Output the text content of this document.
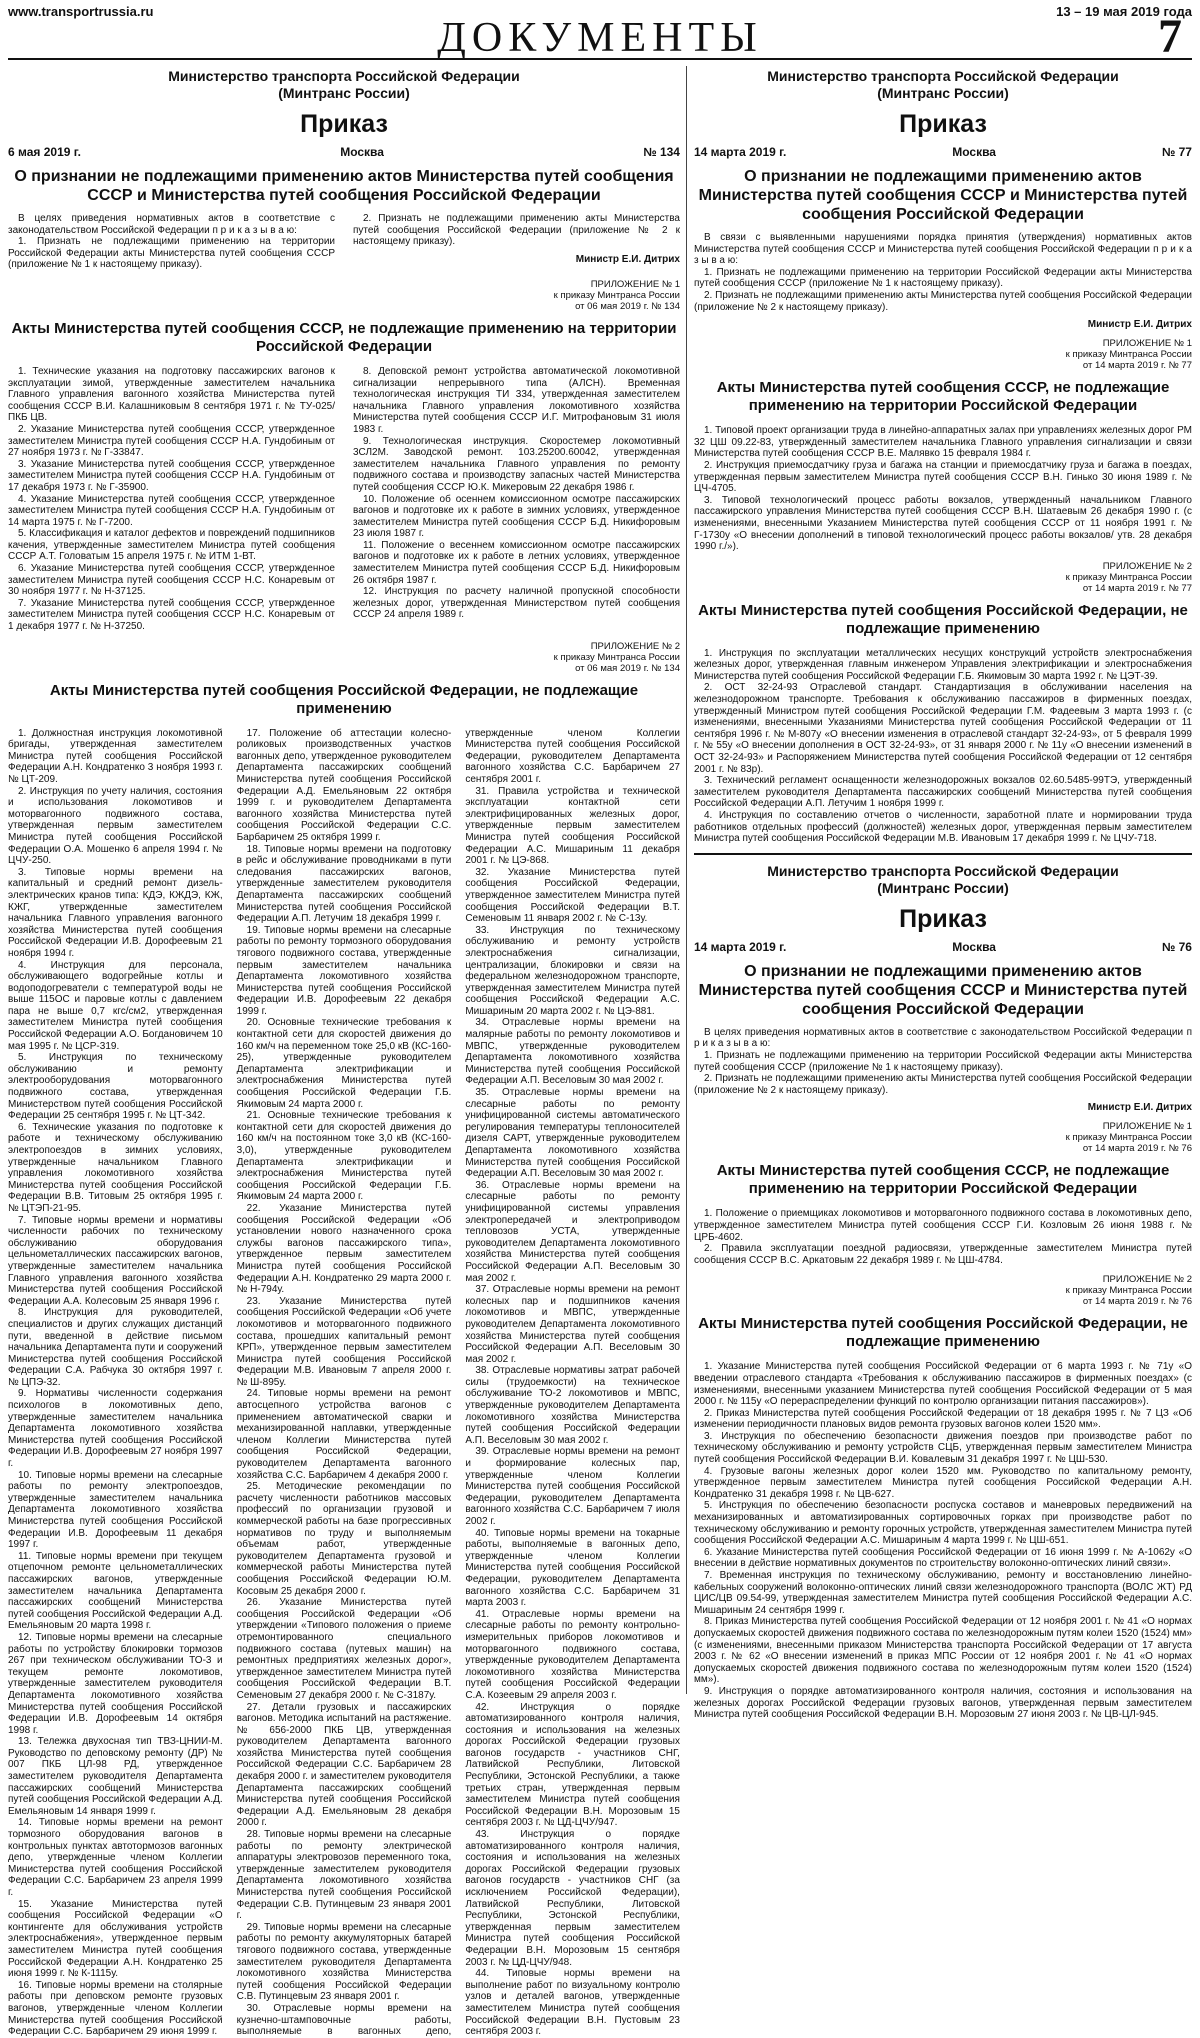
www.transportrussia.ru
ДОКУМЕНТЫ
13 – 19 мая 2019 года
7
Министерство транспорта Российской Федерации
(Минтранс России)
Приказ
6 мая 2019 г.	Москва	№ 134
О признании не подлежащими применению актов Министерства путей сообщения СССР и Министерства путей сообщения Российской Федерации

В целях приведения нормативных актов в соответствие с законодательством Российской Федерации п р и к а з ы в а ю:

1. Признать не подлежащими применению на территории Российской Федерации акты Министерства путей сообщения СССР (приложение № 1 к настоящему приказу).

2. Признать не подлежащими применению акты Министерства путей сообщения Российской Федерации (приложение № 2 к настоящему приказу).

Министр Е.И. Дитрих
ПРИЛОЖЕНИЕ № 1
к приказу Минтранса России
от 06 мая 2019 г. № 134
Акты Министерства путей сообщения СССР, не подлежащие применению на территории Российской Федерации

1. Технические указания на подготовку пассажирских вагонов к эксплуатации зимой, утвержденные заместителем начальника Главного управления вагонного хозяйства Министерства путей сообщения СССР В.И. Калашниковым 8 сентября 1971 г. № ТУ-025/ПКБ ЦВ.

2. Указание Министерства путей сообщения СССР, утвержденное заместителем Министра путей сообщения СССР Н.А. Гундобиным от 27 ноября 1973 г. № Г-33847.

3. Указание Министерства путей сообщения СССР, утвержденное заместителем Министра путей сообщения СССР Н.А. Гундобиным от 17 декабря 1973 г. № Г-35900.

4. Указание Министерства путей сообщения СССР, утвержденное заместителем Министра путей сообщения СССР Н.А. Гундобиным от 14 марта 1975 г. № Г-7200.

5. Классификация и каталог дефектов и повреждений подшипников качения, утвержденные заместителем Министра путей сообщения СССР А.Т. Головатым 15 апреля 1975 г. № ИТМ 1-ВТ.

6. Указание Министерства путей сообщения СССР, утвержденное заместителем Министра путей сообщения СССР Н.С. Конаревым от 30 ноября 1977 г. № Н-37125.

7. Указание Министерства путей сообщения СССР, утвержденное заместителем Министра путей сообщения СССР Н.С. Конаревым от 1 декабря 1977 г. № Н-37250.

8. Деповской ремонт устройства автоматической локомотивной сигнализации непрерывного типа (АЛСН). Временная технологическая инструкция ТИ 334, утвержденная заместителем начальника Главного управления локомотивного хозяйства Министерства путей сообщения СССР И.Г. Митрофановым 31 июля 1983 г.

9. Технологическая инструкция. Скоростемер локомотивный 3СЛ2М. Заводской ремонт. 103.25200.60042, утвержденная заместителем начальника Главного управления по ремонту подвижного состава и производству запасных частей Министерства путей сообщения СССР Ю.К. Микеровым 22 декабря 1986 г.

10. Положение об осеннем комиссионном осмотре пассажирских вагонов и подготовке их к работе в зимних условиях, утвержденное заместителем Министра путей сообщения СССР Б.Д. Никифоровым 23 июля 1987 г.

11. Положение о весеннем комиссионном осмотре пассажирских вагонов и подготовке их к работе в летних условиях, утвержденное заместителем Министра путей сообщения СССР Б.Д. Никифоровым 26 октября 1987 г.

12. Инструкция по расчету наличной пропускной способности железных дорог, утвержденная Министерством путей сообщения СССР 24 апреля 1989 г.

ПРИЛОЖЕНИЕ № 2
к приказу Минтранса России
от 06 мая 2019 г. № 134
Акты Министерства путей сообщения Российской Федерации, не подлежащие применению

1. Должностная инструкция локомотивной бригады, утвержденная заместителем Министра путей сообщения Российской Федерации А.Н. Кондратенко 3 ноября 1993 г. № ЦТ-209.

2. Инструкция по учету наличия, состояния и использования локомотивов и моторвагонного подвижного состава, утвержденная первым заместителем Министра путей сообщения Российской Федерации О.А. Мошенко 6 апреля 1994 г. № ЦЧУ-250.

3. Типовые нормы времени на капитальный и средний ремонт дизель-электрических кранов типа: КДЭ, КЖДЭ, КЖ, КЖГ, утвержденные заместителем начальника Главного управления вагонного хозяйства Министерства путей сообщения Российской Федерации И.В. Дорофеевым 21 ноября 1994 г.

4. Инструкция для персонала, обслуживающего водогрейные котлы и водоподогреватели с температурой воды не выше 115ОС и паровые котлы с давлением пара не выше 0,7 кгс/см2, утвержденная заместителем Министра путей сообщения Российской Федерации А.О. Богдановичем 10 мая 1995 г. № ЦСР-319.

5. Инструкция по техническому обслуживанию и ремонту электрооборудования моторвагонного подвижного состава, утвержденная Министерством путей сообщения Российской Федерации 25 сентября 1995 г. № ЦТ-342.

6. Технические указания по подготовке к работе и техническому обслуживанию электропоездов в зимних условиях, утвержденные начальником Главного управления локомотивного хозяйства Министерства путей сообщения Российской Федерации В.В. Титовым 25 октября 1995 г. № ЦТЭП-21-95.

7. Типовые нормы времени и нормативы численности рабочих по техническому обслуживанию оборудования цельнометаллических пассажирских вагонов, утвержденные заместителем начальника Главного управления вагонного хозяйства Министерства путей сообщения Российской Федерации А.А. Колесовым 25 января 1996 г.

8. Инструкция для руководителей, специалистов и других служащих дистанций пути, введенной в действие письмом начальника Департамента пути и сооружений Министерства путей сообщения Российской Федерации С.А. Рабчука 30 октября 1997 г. № ЦПЭ-32.

9. Нормативы численности содержания психологов в локомотивных депо, утвержденные заместителем начальника Департамента локомотивного хозяйства Министерства путей сообщения Российской Федерации И.В. Дорофеевым 27 ноября 1997 г.

10. Типовые нормы времени на слесарные работы по ремонту электропоездов, утвержденные заместителем начальника Департамента локомотивного хозяйства Министерства путей сообщения Российской Федерации И.В. Дорофеевым 11 декабря 1997 г.

11. Типовые нормы времени при текущем отцепочном ремонте цельнометаллических пассажирских вагонов, утвержденные заместителем начальника Департамента пассажирских сообщений Министерства путей сообщения Российской Федерации А.Д. Емельяновым 20 марта 1998 г.

12. Типовые нормы времени на слесарные работы по устройству блокировки тормозов 267 при техническом обслуживании ТО-3 и текущем ремонте локомотивов, утвержденные заместителем руководителя Департамента локомотивного хозяйства Министерства путей сообщения Российской Федерации И.В. Дорофеевым 14 октября 1998 г.

13. Тележка двухосная тип ТВЗ-ЦНИИ-М. Руководство по деповскому ремонту (ДР) № 007 ПКБ ЦЛ-98 РД, утвержденное заместителем руководителя Департамента пассажирских сообщений Министерства путей сообщения Российской Федерации А.Д. Емельяновым 14 января 1999 г.

14. Типовые нормы времени на ремонт тормозного оборудования вагонов в контрольных пунктах автотормозов вагонных депо, утвержденные членом Коллегии Министерства путей сообщения Российской Федерации С.С. Барбаричем 23 апреля 1999 г.

15. Указание Министерства путей сообщения Российской Федерации «О контингенте для обслуживания устройств электроснабжения», утвержденное первым заместителем Министра путей сообщения Российской Федерации А.Н. Кондратенко 25 июня 1999 г. № К-1115у.

16. Типовые нормы времени на столярные работы при деповском ремонте грузовых вагонов, утвержденные членом Коллегии Министерства путей сообщения Российской Федерации С.С. Барбаричем 29 июня 1999 г.

17. Положение об аттестации колесно-роликовых производственных участков вагонных депо, утвержденное руководителем Департамента пассажирских сообщений Министерства путей сообщения Российской Федерации А.Д. Емельяновым 22 октября 1999 г. и руководителем Департамента вагонного хозяйства Министерства путей сообщения Российской Федерации С.С. Барбаричем 25 октября 1999 г.

18. Типовые нормы времени на подготовку в рейс и обслуживание проводниками в пути следования пассажирских вагонов, утвержденные заместителем руководителя Департамента пассажирских сообщений Министерства путей сообщения Российской Федерации А.П. Летучим 18 декабря 1999 г.

19. Типовые нормы времени на слесарные работы по ремонту тормозного оборудования тягового подвижного состава, утвержденные первым заместителем начальника Департамента локомотивного хозяйства Министерства путей сообщения Российской Федерации И.В. Дорофеевым 22 декабря 1999 г.

20. Основные технические требования к контактной сети для скоростей движения до 160 км/ч на переменном токе 25,0 кВ (КС-160-25), утвержденные руководителем Департамента электрификации и электроснабжения Министерства путей сообщения Российской Федерации Г.Б. Якимовым 24 марта 2000 г.

21. Основные технические требования к контактной сети для скоростей движения до 160 км/ч на постоянном токе 3,0 кВ (КС-160-3,0), утвержденные руководителем Департамента электрификации и электроснабжения Министерства путей сообщения Российской Федерации Г.Б. Якимовым 24 марта 2000 г.

22. Указание Министерства путей сообщения Российской Федерации «Об установлении нового назначенного срока службы вагонов пассажирского типа», утвержденное первым заместителем Министра путей сообщения Российской Федерации А.Н. Кондратенко 29 марта 2000 г. № Н-794у.

23. Указание Министерства путей сообщения Российской Федерации «Об учете локомотивов и моторвагонного подвижного состава, прошедших капитальный ремонт КРП», утвержденное первым заместителем Министра путей сообщения Российской Федерации М.В. Ивановым 7 апреля 2000 г. № Ш-895у.

24. Типовые нормы времени на ремонт автосцепного устройства вагонов с применением автоматической сварки и механизированной наплавки, утвержденные членом Коллегии Министерства путей сообщения Российской Федерации, руководителем Департамента вагонного хозяйства С.С. Барбаричем 4 декабря 2000 г.

25. Методические рекомендации по расчету численности работников массовых профессий по организации грузовой и коммерческой работы на базе прогрессивных нормативов по труду и выполняемым объемам работ, утвержденные руководителем Департамента грузовой и коммерческой работы Министерства путей сообщения Российской Федерации Ю.М. Косовым 25 декабря 2000 г.

26. Указание Министерства путей сообщения Российской Федерации «Об утверждении «Типового положения о приеме отремонтированного специального подвижного состава (путевых машин) на ремонтных предприятиях железных дорог», утвержденное заместителем Министра путей сообщения Российской Федерации В.Т. Семеновым 27 декабря 2000 г. № С-3187у.

27. Детали грузовых и пассажирских вагонов. Методика испытаний на растяжение. № 656-2000 ПКБ ЦВ, утвержденная руководителем Департамента вагонного хозяйства Министерства путей сообщения Российской Федерации С.С. Барбаричем 28 декабря 2000 г. и заместителем руководителя Департамента пассажирских сообщений Министерства путей сообщения Российской Федерации А.Д. Емельяновым 28 декабря 2000 г.

28. Типовые нормы времени на слесарные работы по ремонту электрической аппаратуры электровозов переменного тока, утвержденные заместителем руководителя Департамента локомотивного хозяйства Министерства путей сообщения Российской Федерации С.В. Путинцевым 23 января 2001 г.

29. Типовые нормы времени на слесарные работы по ремонту аккумуляторных батарей тягового подвижного состава, утвержденные заместителем руководителя Департамента локомотивного хозяйства Министерства путей сообщения Российской Федерации С.В. Путинцевым 23 января 2001 г.

30. Отраслевые нормы времени на кузнечно-штамповочные работы, выполняемые в вагонных депо, утвержденные членом Коллегии Министерства путей сообщения Российской Федерации, руководителем Департамента вагонного хозяйства С.С. Барбаричем 27 сентября 2001 г.

31. Правила устройства и технической эксплуатации контактной сети электрифицированных железных дорог, утвержденные первым заместителем Министра путей сообщения Российской Федерации А.С. Мишариным 11 декабря 2001 г. № ЦЭ-868.

32. Указание Министерства путей сообщения Российской Федерации, утвержденное заместителем Министра путей сообщения Российской Федерации В.Т. Семеновым 11 января 2002 г. № С-13у.

33. Инструкция по техническому обслуживанию и ремонту устройств электроснабжения сигнализации, централизации, блокировки и связи на федеральном железнодорожном транспорте, утвержденная заместителем Министра путей сообщения Российской Федерации А.С. Мишариным 20 марта 2002 г. № ЦЭ-881.

34. Отраслевые нормы времени на малярные работы по ремонту локомотивов и МВПС, утвержденные руководителем Департамента локомотивного хозяйства Министерства путей сообщения Российской Федерации А.П. Веселовым 30 мая 2002 г.

35. Отраслевые нормы времени на слесарные работы по ремонту унифицированной системы автоматического регулирования температуры теплоносителей дизеля САРТ, утвержденные руководителем Департамента локомотивного хозяйства Министерства путей сообщения Российской Федерации А.П. Веселовым 30 мая 2002 г.

36. Отраслевые нормы времени на слесарные работы по ремонту унифицированной системы управления электропередачей и электроприводом тепловозов УСТА, утвержденные руководителем Департамента локомотивного хозяйства Министерства путей сообщения Российской Федерации А.П. Веселовым 30 мая 2002 г.

37. Отраслевые нормы времени на ремонт колесных пар и подшипников качения локомотивов и МВПС, утвержденные руководителем Департамента локомотивного хозяйства Министерства путей сообщения Российской Федерации А.П. Веселовым 30 мая 2002 г.

38. Отраслевые нормативы затрат рабочей силы (трудоемкости) на техническое обслуживание ТО-2 локомотивов и МВПС, утвержденные руководителем Департамента локомотивного хозяйства Министерства путей сообщения Российской Федерации А.П. Веселовым 30 мая 2002 г.

39. Отраслевые нормы времени на ремонт и формирование колесных пар, утвержденные членом Коллегии Министерства путей сообщения Российской Федерации, руководителем Департамента вагонного хозяйства С.С. Барбаричем 7 июля 2002 г.

40. Типовые нормы времени на токарные работы, выполняемые в вагонных депо, утвержденные членом Коллегии Министерства путей сообщения Российской Федерации, руководителем Департамента вагонного хозяйства С.С. Барбаричем 31 марта 2003 г.

41. Отраслевые нормы времени на слесарные работы по ремонту контрольно-измерительных приборов локомотивов и моторвагонного подвижного состава, утвержденные руководителем Департамента локомотивного хозяйства Министерства путей сообщения Российской Федерации С.А. Козеевым 29 апреля 2003 г.

42. Инструкция о порядке автоматизированного контроля наличия, состояния и использования на железных дорогах Российской Федерации грузовых вагонов государств - участников СНГ, Латвийской Республики, Литовской Республики, Эстонской Республики, а также третьих стран, утвержденная первым заместителем Министра путей сообщения Российской Федерации В.Н. Морозовым 15 сентября 2003 г. № ЦД-ЦЧУ/947.

43. Инструкция о порядке автоматизированного контроля наличия, состояния и использования на железных дорогах Российской Федерации грузовых вагонов государств - участников СНГ (за исключением Российской Федерации), Латвийской Республики, Литовской Республики, Эстонской Республики, утвержденная первым заместителем Министра путей сообщения Российской Федерации В.Н. Морозовым 15 сентября 2003 г. № ЦД-ЦЧУ/948.

44. Типовые нормы времени на выполнение работ по визуальному контролю узлов и деталей вагонов, утвержденные заместителем Министра путей сообщения Российской Федерации В.Н. Пустовым 23 сентября 2003 г.

Министерство транспорта Российской Федерации
(Минтранс России)
Приказ
14 марта 2019 г.	Москва	№ 77
О признании не подлежащими применению актов Министерства путей сообщения СССР и Министерства путей сообщения Российской Федерации

В связи с выявленными нарушениями порядка принятия (утверждения) нормативных актов Министерства путей сообщения СССР и Министерства путей сообщения Российской Федерации п р и к а з ы в а ю:

1. Признать не подлежащими применению на территории Российской Федерации акты Министерства путей сообщения СССР (приложение № 1 к настоящему приказу).

2. Признать не подлежащими применению акты Министерства путей сообщения Российской Федерации (приложение № 2 к настоящему приказу).

Министр Е.И. Дитрих
ПРИЛОЖЕНИЕ № 1
к приказу Минтранса России
от 14 марта 2019 г. № 77
Акты Министерства путей сообщения СССР, не подлежащие применению на территории Российской Федерации

1. Типовой проект организации труда в линейно-аппаратных залах при управлениях железных дорог РМ 32 ЦШ 09.22-83, утвержденный заместителем начальника Главного управления сигнализации и связи Министерства путей сообщения СССР В.Е. Малявко 15 февраля 1984 г.

2. Инструкция приемосдатчику груза и багажа на станции и приемосдатчику груза и багажа в поездах, утвержденная первым заместителем Министра путей сообщения СССР В.Н. Гинько 30 июня 1989 г. № ЦЧ-4705.

3. Типовой технологический процесс работы вокзалов, утвержденный начальником Главного пассажирского управления Министерства путей сообщения СССР В.Н. Шатаевым 26 декабря 1990 г. (с изменениями, внесенными Указанием Министерства путей сообщения СССР от 11 ноября 1991 г. № Г-1730у «О внесении дополнений в типовой технологический процесс работы вокзалов/ утв. 28 декабря 1990 г./»).

ПРИЛОЖЕНИЕ № 2
к приказу Минтранса России
от 14 марта 2019 г. № 77
Акты Министерства путей сообщения Российской Федерации, не подлежащие применению

1. Инструкция по эксплуатации металлических несущих конструкций устройств электроснабжения железных дорог, утвержденная главным инженером Управления электрификации и электроснабжения Министерства путей сообщения Российской Федерации Г.Б. Якимовым 30 марта 1992 г. № ЦЭТ-39.

2. ОСТ 32-24-93 Отраслевой стандарт. Стандартизация в обслуживании населения на железнодорожном транспорте. Требования к обслуживанию пассажиров в фирменных поездах, утвержденный Министром путей сообщения Российской Федерации Г.М. Фадеевым 3 марта 1993 г. (с изменениями, внесенными Указаниями Министерства путей сообщения Российской Федерации от 11 сентября 1996 г. № М-807у «О внесении изменения в отраслевой стандарт 32-24-93», от 5 февраля 1999 г. № 55у «О внесении дополнения в ОСТ 32-24-93», от 31 января 2000 г. № 11у «О внесении изменений в ОСТ 32-24-93» и Распоряжением Министерства путей сообщения Российской Федерации от 12 сентября 2001 г. № 83р).

3. Технический регламент оснащенности железнодорожных вокзалов 02.60.5485-99ТЭ, утвержденный заместителем руководителя Департамента пассажирских сообщений Министерства путей сообщения Российской Федерации А.П. Летучим 1 ноября 1999 г.

4. Инструкция по составлению отчетов о численности, заработной плате и нормировании труда работников отдельных профессий (должностей) железных дорог, утвержденная первым заместителем Министра путей сообщения Российской Федерации М.В. Ивановым 17 декабря 1999 г. № ЦЧУ-718.

Министерство транспорта Российской Федерации
(Минтранс России)
Приказ
14 марта 2019 г.	Москва	№ 76
О признании не подлежащими применению актов Министерства путей сообщения СССР и Министерства путей сообщения Российской Федерации

В целях приведения нормативных актов в соответствие с законодательством Российской Федерации п р и к а з ы в а ю:

1. Признать не подлежащими применению на территории Российской Федерации акты Министерства путей сообщения СССР (приложение № 1 к настоящему приказу).

2. Признать не подлежащими применению акты Министерства путей сообщения Российской Федерации (приложение № 2 к настоящему приказу).

Министр Е.И. Дитрих
ПРИЛОЖЕНИЕ № 1
к приказу Минтранса России
от 14 марта 2019 г. № 76
Акты Министерства путей сообщения СССР, не подлежащие применению на территории Российской Федерации

1. Положение о приемщиках локомотивов и моторвагонного подвижного состава в локомотивных депо, утвержденное заместителем Министра путей сообщения СССР Г.И. Козловым 26 июня 1988 г. № ЦРБ-4602.

2. Правила эксплуатации поездной радиосвязи, утвержденные заместителем Министра путей сообщения СССР В.С. Аркатовым 22 декабря 1989 г. № ЦШ-4784.

ПРИЛОЖЕНИЕ № 2
к приказу Минтранса России
от 14 марта 2019 г. № 76
Акты Министерства путей сообщения Российской Федерации, не подлежащие применению

1. Указание Министерства путей сообщения Российской Федерации от 6 марта 1993 г. № 71у «О введении отраслевого стандарта «Требования к обслуживанию пассажиров в фирменных поездах» (с изменениями, внесенными указанием Министерства путей сообщения Российской Федерации от 5 мая 2000 г. № 115у «О перераспределении функций по контролю организации питания пассажиров»).

2. Приказ Министерства путей сообщения Российской Федерации от 18 декабря 1995 г. № 7 ЦЗ «Об изменении периодичности плановых видов ремонта грузовых вагонов колеи 1520 мм».

3. Инструкция по обеспечению безопасности движения поездов при производстве работ по техническому обслуживанию и ремонту устройств СЦБ, утвержденная первым заместителем Министра путей сообщения Российской Федерации В.И. Ковалевым 31 декабря 1997 г. № ЦШ-530.

4. Грузовые вагоны железных дорог колеи 1520 мм. Руководство по капитальному ремонту, утвержденное первым заместителем Министра путей сообщения Российской Федерации А.Н. Кондратенко 31 декабря 1998 г. № ЦВ-627.

5. Инструкция по обеспечению безопасности роспуска составов и маневровых передвижений на механизированных и автоматизированных сортировочных горках при производстве работ по техническому обслуживанию и ремонту горочных устройств, утвержденная заместителем Министра путей сообщения Российской Федерации А.С. Мишариным 4 марта 1999 г. № ЦШ-651.

6. Указание Министерства путей сообщения Российской Федерации от 16 июня 1999 г. № А-1062у «О внесении в действие нормативных документов по строительству волоконно-оптических линий связи».

7. Временная инструкция по техническому обслуживанию, ремонту и восстановлению линейно-кабельных сооружений волоконно-оптических линий связи железнодорожного транспорта (ВОЛС ЖТ) РД ЦИС/ЦВ 09.54-99, утвержденная заместителем Министра путей сообщения Российской Федерации А.С. Мишариным 24 сентября 1999 г.

8. Приказ Министерства путей сообщения Российской Федерации от 12 ноября 2001 г. № 41 «О нормах допускаемых скоростей движения подвижного состава по железнодорожным путям колеи 1520 (1524) мм» (с изменениями, внесенными приказом Министерства транспорта Российской Федерации от 17 августа 2003 г. № 62 «О внесении изменений в приказ МПС России от 12 ноября 2001 г. № 41 «О нормах допускаемых скоростей движения подвижного состава по железнодорожным путям колеи 1520 (1524) мм»).

9. Инструкция о порядке автоматизированного контроля наличия, состояния и использования на железных дорогах Российской Федерации грузовых вагонов, утвержденная первым заместителем Министра путей сообщения Российской Федерации В.Н. Морозовым 27 июня 2003 г. № ЦВ-ЦЛ-945.
